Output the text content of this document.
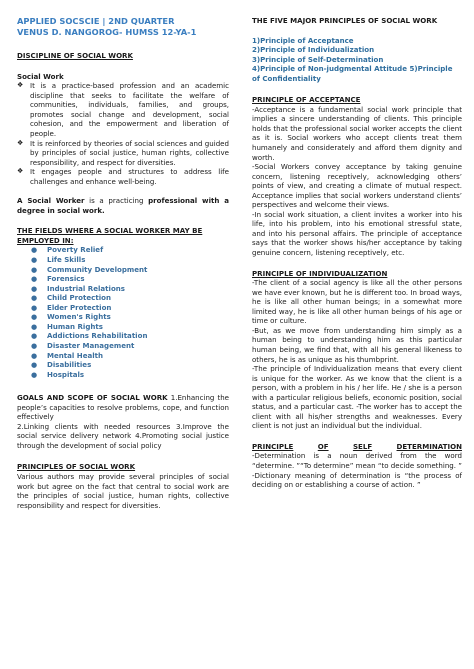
APPLIED SOCSCIE | 2ND QUARTER
VENUS D. NANGOROG- HUMSS 12-YA-1

DISCIPLINE OF SOCIAL WORK

Social Work

❖ It is a practice-based profession and an academic discipline that seeks to facilitate the welfare of communities, individuals, families, and groups, promotes social change and development, social cohesion, and the empowerment and liberation of people.
❖ It is reinforced by theories of social sciences and guided by principles of social justice, human rights, collective responsibility, and respect for diversities.
❖ It engages people and structures to address life challenges and enhance well-being.

A Social Worker is a practicing professional with a degree in social work.

THE FIELDS WHERE A SOCIAL WORKER MAY BE EMPLOYED IN:

● Poverty Relief
● Life Skills
● Community Development
● Forensics
● Industrial Relations
● Child Protection
● Elder Protection
● Women's Rights
● Human Rights
● Addictions Rehabilitation
● Disaster Management
● Mental Health
● Disabilities
● Hospitals

GOALS AND SCOPE OF SOCIAL WORK 1.Enhancing the people’s capacities to resolve problems, cope, and function effectively

2.Linking clients with needed resources 3.Improve the social service delivery network 4.Promoting social justice through the development of social policy

PRINCIPLES OF SOCIAL WORK

Various authors may provide several principles of social work but agree on the fact that central to social work are the principles of social justice, human rights, collective responsibility and respect for diversities.

THE FIVE MAJOR PRINCIPLES OF SOCIAL WORK

1)Principle of Acceptance
2)Principle of Individualization
3)Principle of Self-Determination
4)Principle of Non-judgmental Attitude 5)Principle of Confidentiality

PRINCIPLE OF ACCEPTANCE

-Acceptance is a fundamental social work principle that implies a sincere understanding of clients. This principle holds that the professional social worker accepts the client as it is. Social workers who accept clients treat them humanely and considerately and afford them dignity and worth.

-Social Workers convey acceptance by taking genuine concern, listening receptively, acknowledging others’ points of view, and creating a climate of mutual respect. Acceptance implies that social workers understand clients’ perspectives and welcome their views.

-In social work situation, a client invites a worker into his life, into his problem, into his emotional stressful state, and into his personal affairs. The principle of acceptance says that the worker shows his/her acceptance by taking genuine concern, listening receptively, etc.

PRINCIPLE OF INDIVIDUALIZATION

-The client of a social agency is like all the other persons we have ever known, but he is different too. In broad ways, he is like all other human beings; in a somewhat more limited way, he is like all other human beings of his age or time or culture.

-But, as we move from understanding him simply as a human being to understanding him as this particular human being, we find that, with all his general likeness to others, he is as unique as his thumbprint.

-The principle of Individualization means that every client is unique for the worker. As we know that the client is a person, with a problem in his / her life. He / she is a person with a particular religious beliefs, economic position, social status, and a particular cast. -The worker has to accept the client with all his/her strengths and weaknesses. Every client is not just an individual but the individual.

PRINCIPLE	OF	SELF	DETERMINATION

-Determination is a noun derived from the word “determine. ”“To determine” mean “to decide something. ”

-Dictionary meaning of determination is “the process of deciding on or establishing a course of action. ”
